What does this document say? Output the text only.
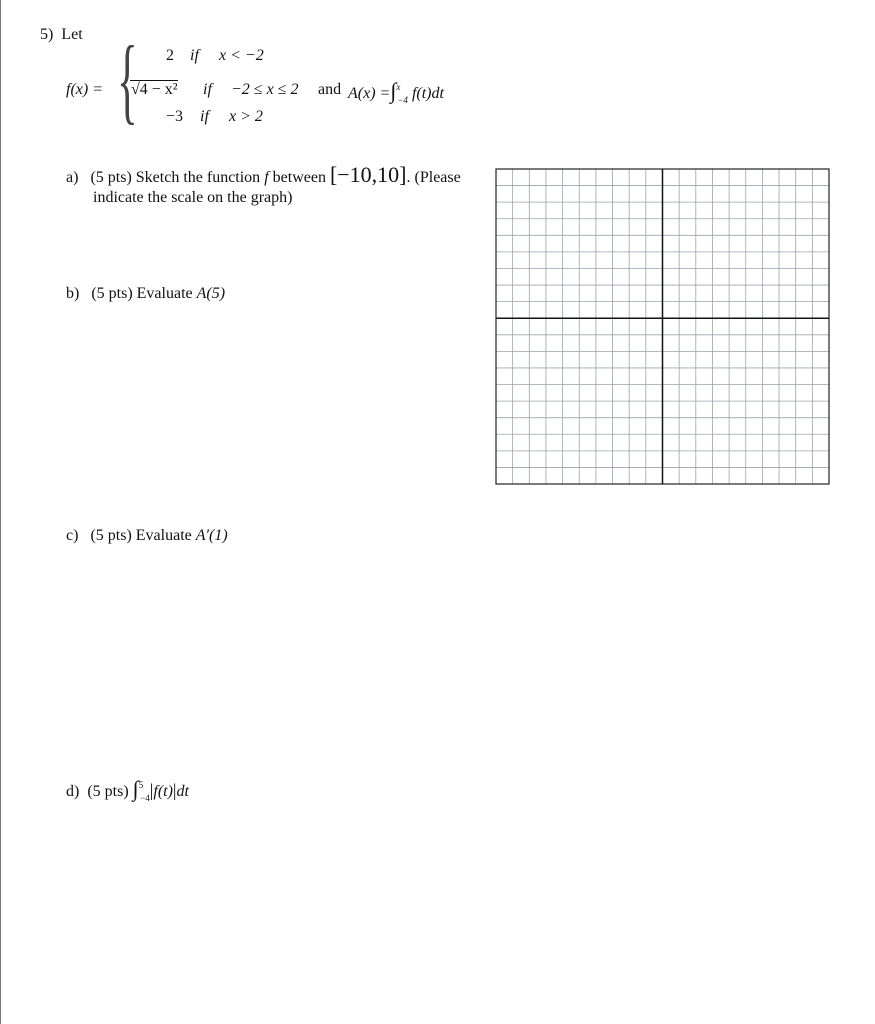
5) Let
f(x) = { 2 if x < −2
√4 − x² if −2 ≤ x ≤ 2
−3 if x > 2
and A(x) =∫$^x_{-4}$ f(t)dt
a) (5 pts) Sketch the function f between [−10,10]. (Please
indicate the scale on the graph)
b) (5 pts) Evaluate A(5)
c) (5 pts) Evaluate A′(1)
d) (5 pts) ∫$^5_{-4}$|f(t)|dt
